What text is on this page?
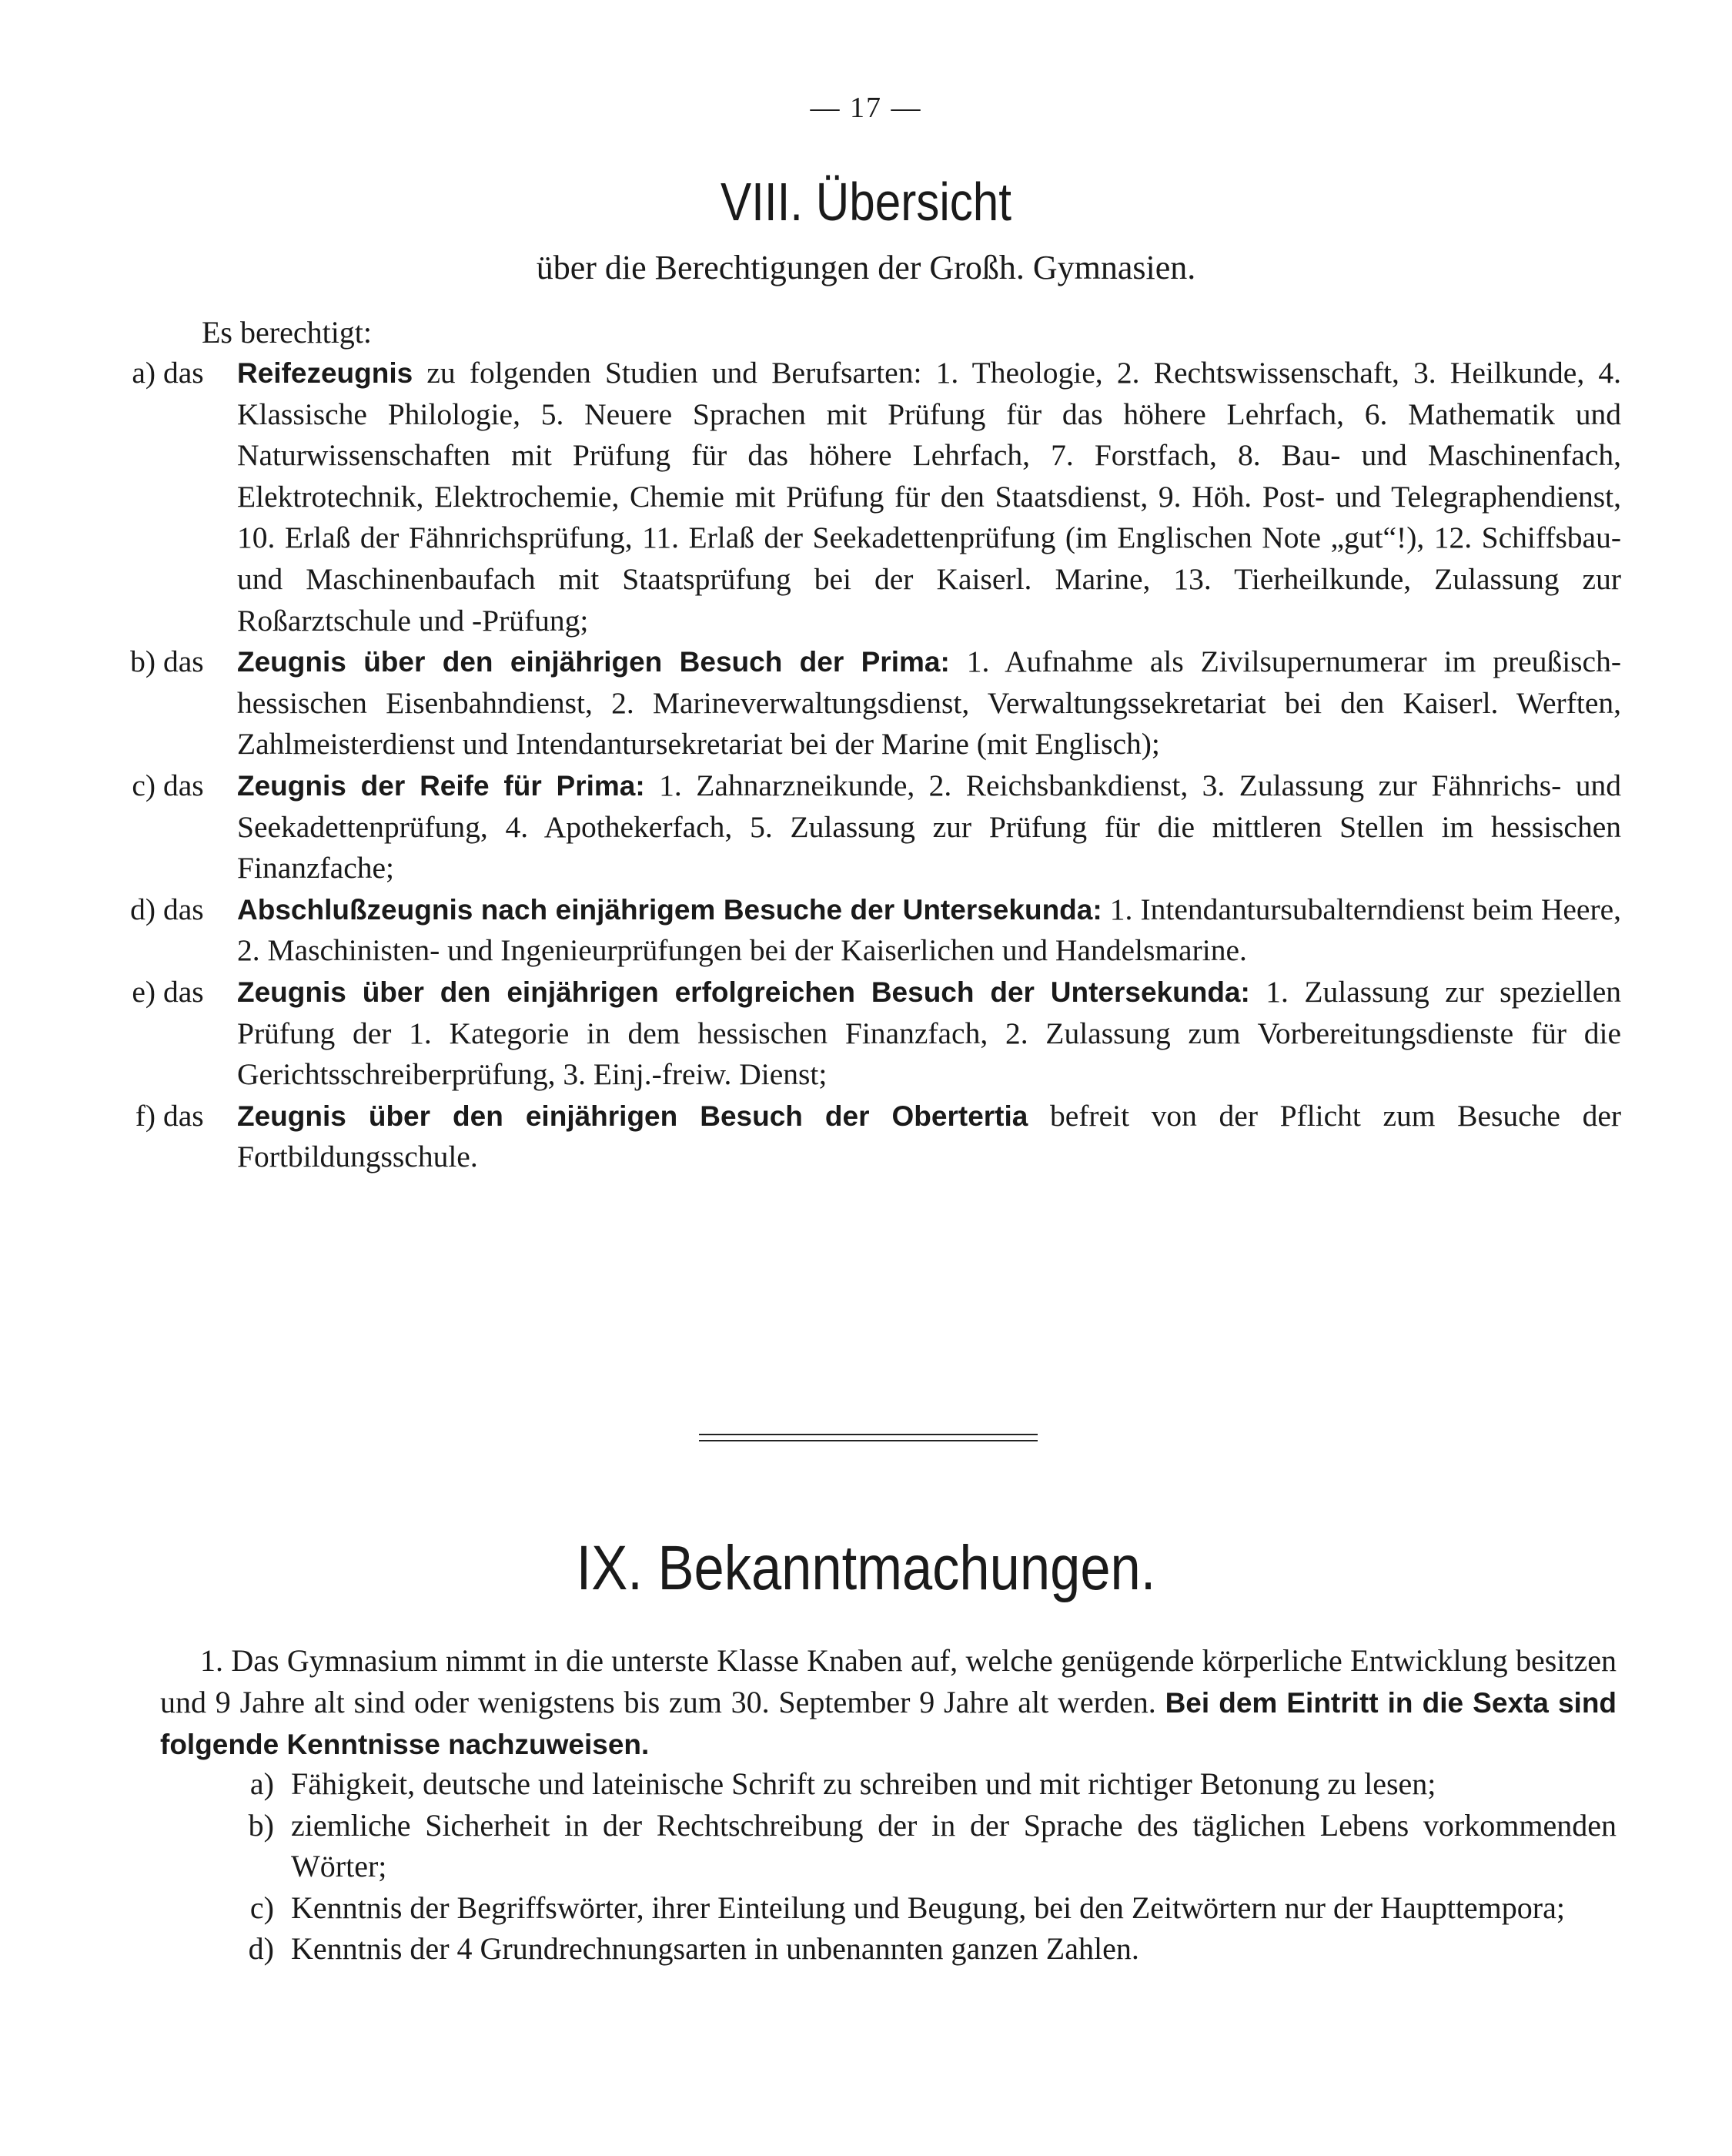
— 17 —
VIII. Übersicht
über die Berechtigungen der Großh. Gymnasien.
Es berechtigt:
a) das	Reifezeugnis zu folgenden Studien und Berufsarten: 1. Theologie, 2. Rechtswissenschaft, 3. Heilkunde, 4. Klassische Philologie, 5. Neuere Sprachen mit Prüfung für das höhere Lehrfach, 6. Mathematik und Naturwissenschaften mit Prüfung für das höhere Lehrfach, 7. Forstfach, 8. Bau- und Maschinenfach, Elektrotechnik, Elektrochemie, Chemie mit Prüfung für den Staatsdienst, 9. Höh. Post- und Telegraphendienst, 10. Erlaß der Fähnrichsprüfung, 11. Erlaß der Seekadettenprüfung (im Englischen Note „gut“!), 12. Schiffsbau- und Maschinenbaufach mit Staatsprüfung bei der Kaiserl. Marine, 13. Tierheilkunde, Zulassung zur Roßarztschule und -Prüfung;
b) das	Zeugnis über den einjährigen Besuch der Prima: 1. Aufnahme als Zivilsupernumerar im preußisch-hessischen Eisenbahndienst, 2. Marineverwaltungsdienst, Verwaltungssekretariat bei den Kaiserl. Werften, Zahlmeisterdienst und Intendantursekretariat bei der Marine (mit Englisch);
c) das	Zeugnis der Reife für Prima: 1. Zahnarzneikunde, 2. Reichsbankdienst, 3. Zulassung zur Fähnrichs- und Seekadettenprüfung, 4. Apothekerfach, 5. Zulassung zur Prüfung für die mittleren Stellen im hessischen Finanzfache;
d) das	Abschlußzeugnis nach einjährigem Besuche der Untersekunda: 1. Intendantursubalterndienst beim Heere, 2. Maschinisten- und Ingenieurprüfungen bei der Kaiserlichen und Handelsmarine.
e) das	Zeugnis über den einjährigen erfolgreichen Besuch der Untersekunda: 1. Zulassung zur speziellen Prüfung der 1. Kategorie in dem hessischen Finanzfach, 2. Zulassung zum Vorbereitungsdienste für die Gerichtsschreiberprüfung, 3. Einj.-freiw. Dienst;
f) das	Zeugnis über den einjährigen Besuch der Obertertia befreit von der Pflicht zum Besuche der Fortbildungsschule.
IX. Bekanntmachungen.
1. Das Gymnasium nimmt in die unterste Klasse Knaben auf, welche genügende körperliche Entwicklung besitzen und 9 Jahre alt sind oder wenigstens bis zum 30. September 9 Jahre alt werden. Bei dem Eintritt in die Sexta sind folgende Kenntnisse nachzuweisen.
a) Fähigkeit, deutsche und lateinische Schrift zu schreiben und mit richtiger Betonung zu lesen;
b) ziemliche Sicherheit in der Rechtschreibung der in der Sprache des täglichen Lebens vorkommenden Wörter;
c) Kenntnis der Begriffswörter, ihrer Einteilung und Beugung, bei den Zeitwörtern nur der Haupttempora;
d) Kenntnis der 4 Grundrechnungsarten in unbenannten ganzen Zahlen.
